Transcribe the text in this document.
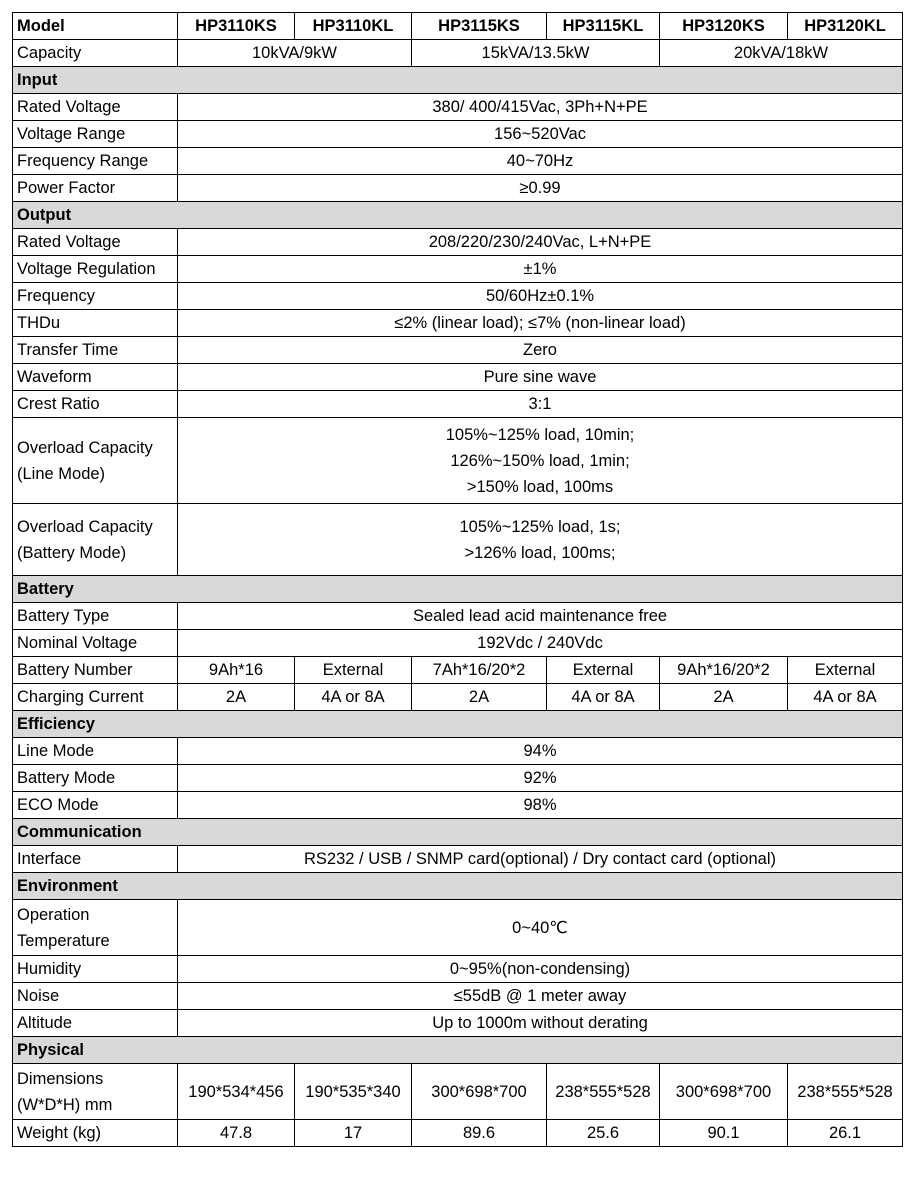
Model	HP3110KS	HP3110KL	HP3115KS	HP3115KL	HP3120KS	HP3120KL
Capacity	10kVA/9kW		15kVA/13.5kW		20kVA/18kW	
Input						
Rated Voltage	380/ 400/415Vac, 3Ph+N+PE					
Voltage Range	156~520Vac					
Frequency Range	40~70Hz					
Power Factor	≥0.99					
Output						
Rated Voltage	208/220/230/240Vac, L+N+PE					
Voltage Regulation	±1%					
Frequency	50/60Hz±0.1%					
THDu	≤2% (linear load); ≤7% (non-linear load)					
Transfer Time	Zero					
Waveform	Pure sine wave					
Crest Ratio	3:1					

Overload Capacity
(Line Mode)	105%~125% load, 10min;
126%~150% load, 1min;
>150% load, 100ms					

Overload Capacity
(Battery Mode)	105%~125% load, 1s;
>126% load, 100ms;					

Battery						
Battery Type	Sealed lead acid maintenance free					
Nominal Voltage	192Vdc / 240Vdc					
Battery Number	9Ah*16	External	7Ah*16/20*2	External	9Ah*16/20*2	External
Charging Current	2A	4A or 8A	2A	4A or 8A	2A	4A or 8A
Efficiency						
Line Mode	94%					
Battery Mode	92%					
ECO Mode	98%					
Communication						
Interface	RS232 / USB / SNMP card(optional) / Dry contact card (optional)					
Environment						

Operation
Temperature	0~40℃					
Humidity	0~95%(non-condensing)					
Noise	≤55dB @ 1 meter away					
Altitude	Up to 1000m without derating					
Physical						

Dimensions
(W*D*H) mm	190*534*456	190*535*340	300*698*700	238*555*528	300*698*700	238*555*528
Weight (kg)	47.8	17	89.6	25.6	90.1	26.1
